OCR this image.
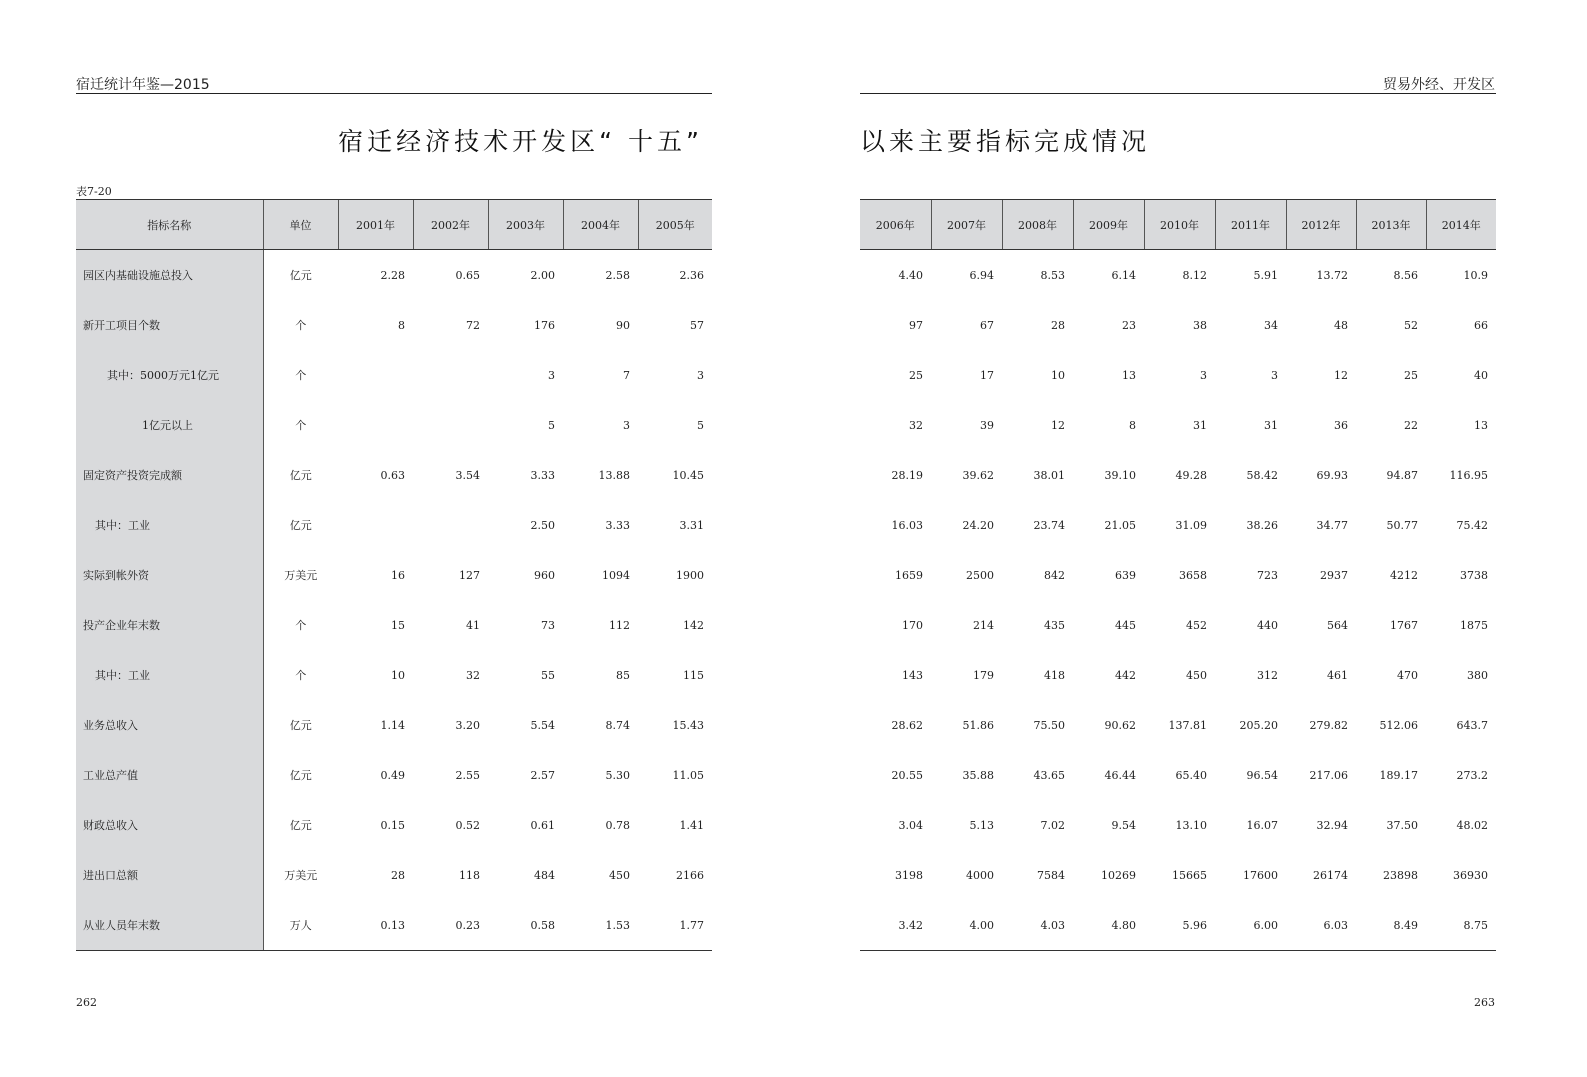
宿迁统计年鉴—2015
宿迁经济技术开发区“ 十五”
表7-20
指标名称	单位	2001年	2002年	2003年	2004年	2005年
园区内基础设施总投入	亿元	2.28	0.65	2.00	2.58	2.36
新开工项目个数	个	8	72	176	90	57
其中：5000万元1亿元	个			3	7	3
1亿元以上	个			5	3	5
固定资产投资完成额	亿元	0.63	3.54	3.33	13.88	10.45
其中：工业	亿元			2.50	3.33	3.31
实际到帐外资	万美元	16	127	960	1094	1900
投产企业年末数	个	15	41	73	112	142
其中：工业	个	10	32	55	85	115
业务总收入	亿元	1.14	3.20	5.54	8.74	15.43
工业总产值	亿元	0.49	2.55	2.57	5.30	11.05
财政总收入	亿元	0.15	0.52	0.61	0.78	1.41
进出口总额	万美元	28	118	484	450	2166
从业人员年末数	万人	0.13	0.23	0.58	1.53	1.77
262
贸易外经、开发区
以来主要指标完成情况
2006年	2007年	2008年	2009年	2010年	2011年	2012年	2013年	2014年
4.40	6.94	8.53	6.14	8.12	5.91	13.72	8.56	10.9
97	67	28	23	38	34	48	52	66
25	17	10	13	3	3	12	25	40
32	39	12	8	31	31	36	22	13
28.19	39.62	38.01	39.10	49.28	58.42	69.93	94.87	116.95
16.03	24.20	23.74	21.05	31.09	38.26	34.77	50.77	75.42
1659	2500	842	639	3658	723	2937	4212	3738
170	214	435	445	452	440	564	1767	1875
143	179	418	442	450	312	461	470	380
28.62	51.86	75.50	90.62	137.81	205.20	279.82	512.06	643.7
20.55	35.88	43.65	46.44	65.40	96.54	217.06	189.17	273.2
3.04	5.13	7.02	9.54	13.10	16.07	32.94	37.50	48.02
3198	4000	7584	10269	15665	17600	26174	23898	36930
3.42	4.00	4.03	4.80	5.96	6.00	6.03	8.49	8.75
263
